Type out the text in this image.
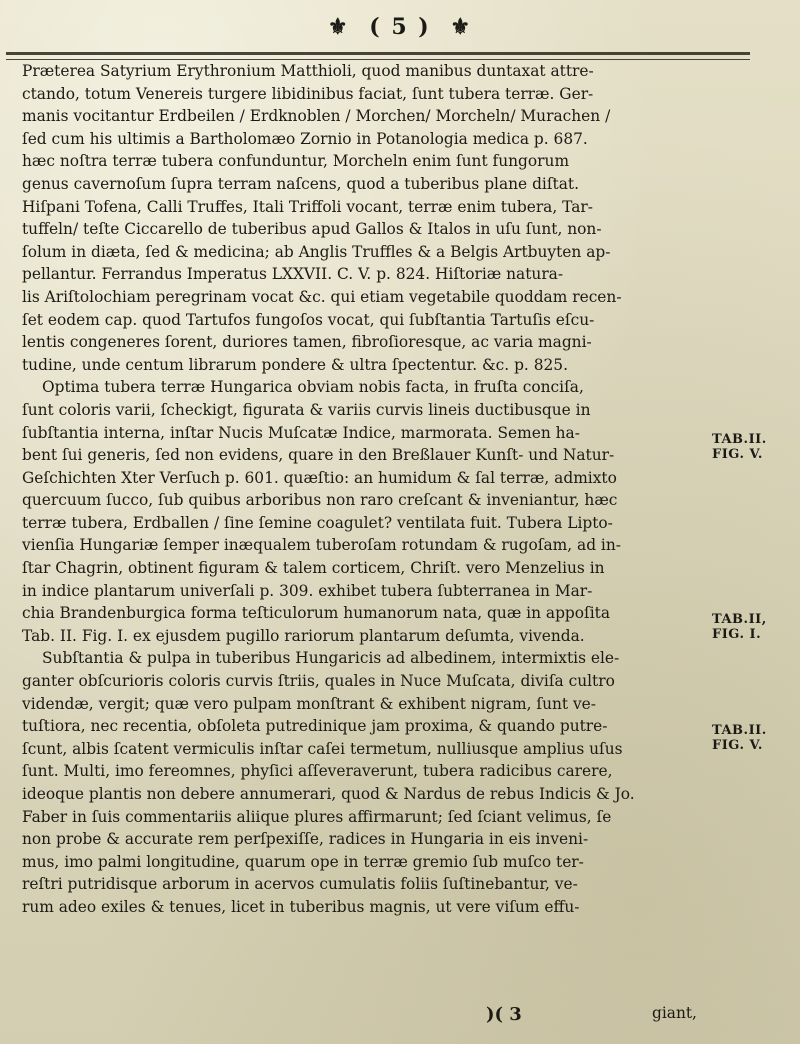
⚜ ( 5 ) ⚜
Præterea Satyrium Erythronium Matthioli, quod manibus duntaxat attre-
ctando, totum Venereis turgere libidinibus faciat, ſunt tubera terræ. Ger-
manis vocitantur Erdbeilen / Erdknoblen / Morchen/ Morcheln/ Murachen /
ſed cum his ultimis a Bartholomæo Zornio in Potanologia medica p. 687.
hæc noſtra terræ tubera confunduntur, Morcheln enim ſunt fungorum
genus cavernoſum ſupra terram naſcens, quod a tuberibus plane diſtat.
Hiſpani Tofena, Calli Truffes, Itali Triffoli vocant, terræ enim tubera, Tar-
tuffeln/ teſte Ciccarello de tuberibus apud Gallos & Italos in uſu ſunt, non-
ſolum in diæta, ſed & medicina; ab Anglis Truffles & a Belgis Artbuyten ap-
pellantur. Ferrandus Imperatus LXXVII. C. V. p. 824. Hiſtoriæ natura-
lis Ariſtolochiam peregrinam vocat &c. qui etiam vegetabile quoddam recen-
ſet eodem cap. quod Tartufos fungoſos vocat, qui ſubſtantia Tartuſis eſcu-
lentis congeneres ſorent, duriores tamen, fibroſioresque, ac varia magni-
tudine, unde centum librarum pondere & ultra ſpectentur. &c. p. 825.
Optima tubera terræ Hungarica obviam nobis facta, in fruſta conciſa,
ſunt coloris varii, ſcheckigt, figurata & variis curvis lineis ductibusque in
ſubſtantia interna, inſtar Nucis Muſcatæ Indice, marmorata. Semen ha-
bent ſui generis, ſed non evidens, quare in den Breßlauer Kunſt- und Natur-
Geſchichten Xter Verſuch p. 601. quæſtio: an humidum & ſal terræ, admixto
quercuum ſucco, ſub quibus arboribus non raro creſcant & inveniantur, hæc
terræ tubera, Erdballen / ſine ſemine coagulet? ventilata fuit. Tubera Lipto-
vienſia Hungariæ ſemper inæqualem tuberoſam rotundam & rugoſam, ad in-
ſtar Chagrin, obtinent figuram & talem corticem, Chriſt. vero Menzelius in
in indice plantarum univerſali p. 309. exhibet tubera ſubterranea in Mar-
chia Brandenburgica forma teſticulorum humanorum nata, quæ in appoſita
Tab. II. Fig. I. ex ejusdem pugillo rariorum plantarum deſumta, vivenda.
Subſtantia & pulpa in tuberibus Hungaricis ad albedinem, intermixtis ele-
ganter obſcurioris coloris curvis ſtriis, quales in Nuce Muſcata, diviſa cultro
videndæ, vergit; quæ vero pulpam monſtrant & exhibent nigram, ſunt ve-
tuſtiora, nec recentia, obſoleta putredinique jam proxima, & quando putre-
ſcunt, albis ſcatent vermiculis inſtar caſei termetum, nulliusque amplius uſus
ſunt. Multi, imo fereomnes, phyſici aſſeveraverunt, tubera radicibus carere,
ideoque plantis non debere annumerari, quod & Nardus de rebus Indicis & Jo.
Faber in ſuis commentariis aliique plures affirmarunt; ſed ſciant velimus, ſe
non probe & accurate rem perſpexiſſe, radices in Hungaria in eis inveni-
mus, imo palmi longitudine, quarum ope in terræ gremio ſub muſco ter-
reſtri putridisque arborum in acervos cumulatis foliis ſuſtinebantur, ve-
rum adeo exiles & tenues, licet in tuberibus magnis, ut vere viſum effu-
TAB.II.
FIG. V.
TAB.II,
FIG. I.
TAB.II.
FIG. V.
)( 3	giant,
